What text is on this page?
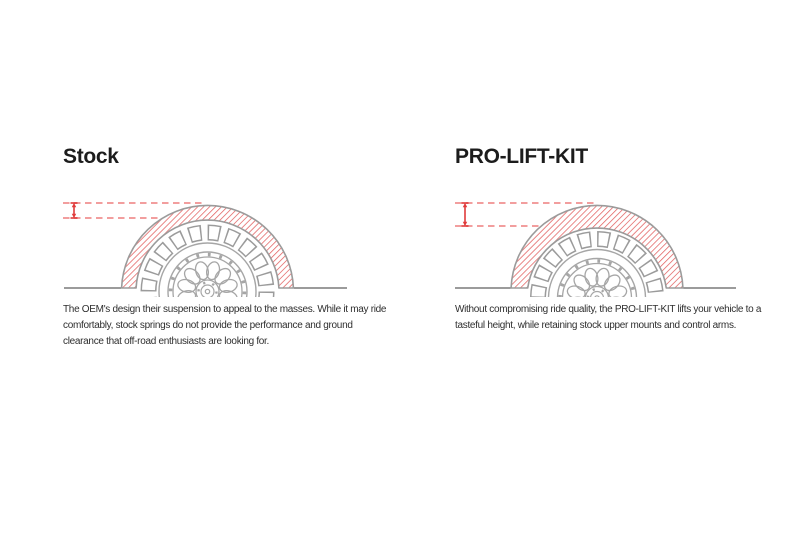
Stock	PRO-LIFT-KIT

The OEM's design their suspension to appeal to the masses. While it may ride comfortably, stock springs do not provide the performance and ground clearance that off-road enthusiasts are looking for.

Without compromising ride quality, the PRO-LIFT-KIT lifts your vehicle to a tasteful height, while retaining stock upper mounts and control arms.
